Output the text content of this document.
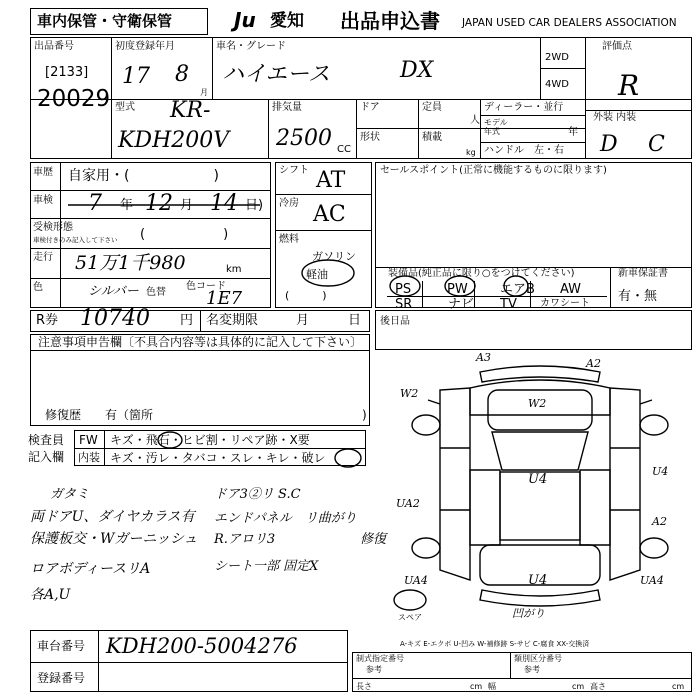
車内保管・守衛保管	Ju 愛知 出品申込書 JAPAN USED CAR DEALERS ASSOCIATION
出品番号
[2133]
20029
初度登録年月
17 8
月
車名・グレード
ハイエース	DX
2WD
4WD
評価点
R
型式 KR-
KDH200V
排気量
2500 CC
ドア	定員
人
形状	積載
kg
ディーラー・並行
モデル
年式	年
ハンドル　左・右
外装 内装
D C
車歴 自家用・(　　　　　　)
車検 7 年 12 月 14 日)
受検形態
車検付きのみ記入して下さい (　　　　　　)
走行 51万1千980	km
色	シルバー 色替
色コード
1E7
シフト AT
冷房 AC
燃料
ガソリン
軽油
(　　　)
セールスポイント(正常に機能するものに限ります)
装備品(純正品に限り○をつけてください)	新車保証書
有・無
PS	PW エアB AW
SR	ナビ TV カワシート
R券 10740 円 名変期限	月	日 後日品
注意事項申告欄〔不具合内容等は具体的に記入して下さい〕
修復歴　　有（箇所	)
検査員
記入欄
FW キズ・飛石・ヒビ割・リペア跡・X要
内装 キズ・汚レ・タバコ・スレ・キレ・破レ
ガタミ
両ドアU、ダイヤカラス有
保護板交・Wガーニッシュ
ロアボディースリA
各A,U
ドア3②リ S.C
エンドパネル　リ曲がり
R.アロリ3
シート一部 固定X
修復
A3	A2
W2
W2
U4
U4
U4
UA2
A2
UA4	UA4
凹がり
スペア
車台番号 KDH200-5004276
登録番号
A-キズ E-エクボ U-凹み W-補修跡 S-サビ C-腐食 XX-交換済
制式指定番号
参考
類別区分番号
参考
長さ	cm 幅	cm 高さ	cm
